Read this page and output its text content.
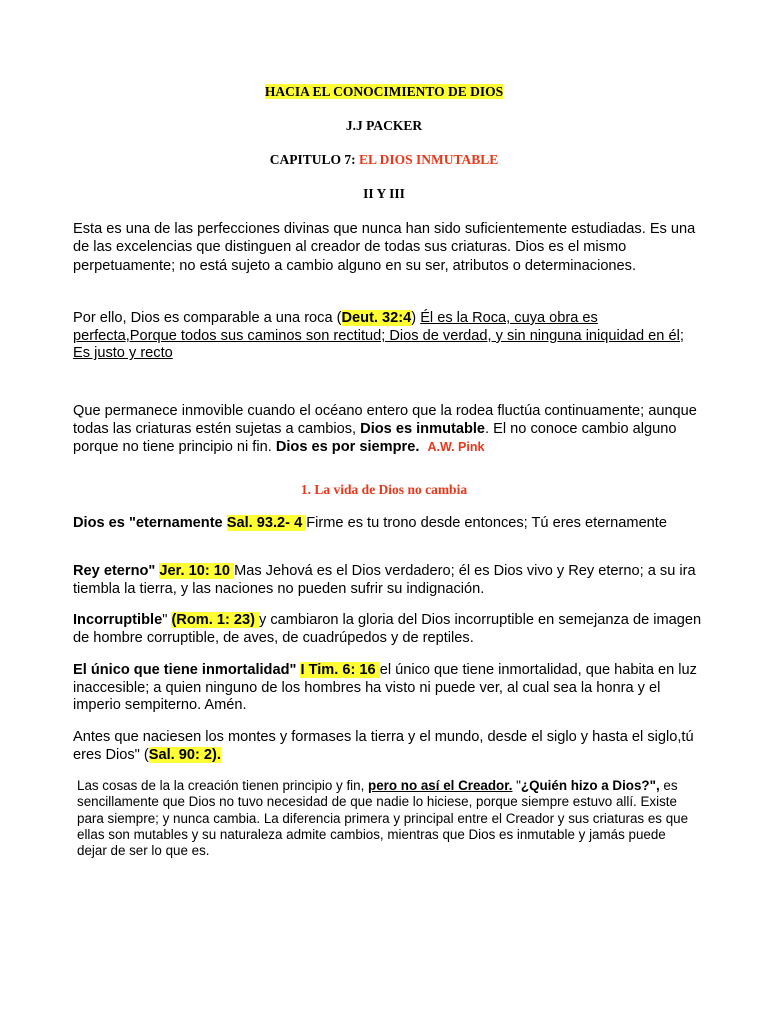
HACIA EL CONOCIMIENTO DE DIOS
J.J PACKER
CAPITULO 7: EL DIOS INMUTABLE
II Y III

Esta es una de las perfecciones divinas que nunca han sido suficientemente estudiadas. Es una de las excelencias que distinguen al creador de todas sus criaturas. Dios es el mismo perpetuamente; no está sujeto a cambio alguno en su ser, atributos o determinaciones.

Por ello, Dios es comparable a una roca (Deut. 32:4) Él es la Roca, cuya obra es perfecta,Porque todos sus caminos son rectitud; Dios de verdad, y sin ninguna iniquidad en él; Es justo y recto

Que permanece inmovible cuando el océano entero que la rodea fluctúa continuamente; aunque todas las criaturas estén sujetas a cambios, Dios es inmutable. El no conoce cambio alguno porque no tiene principio ni fin. Dios es por siempre. A.W. Pink

1. La vida de Dios no cambia

Dios es "eternamente Sal. 93.2- 4 Firme es tu trono desde entonces; Tú eres eternamente

Rey eterno" Jer. 10: 10 Mas Jehová es el Dios verdadero; él es Dios vivo y Rey eterno; a su ira tiembla la tierra, y las naciones no pueden sufrir su indignación.

Incorruptible" (Rom. 1: 23) y cambiaron la gloria del Dios incorruptible en semejanza de imagen de hombre corruptible, de aves, de cuadrúpedos y de reptiles.

El único que tiene inmortalidad" I Tim. 6: 16 el único que tiene inmortalidad, que habita en luz inaccesible; a quien ninguno de los hombres ha visto ni puede ver, al cual sea la honra y el imperio sempiterno. Amén.

Antes que naciesen los montes y formases la tierra y el mundo, desde el siglo y hasta el siglo,tú eres Dios" (Sal. 90: 2).

Las cosas de la la creación tienen principio y fin, pero no así el Creador. "¿Quién hizo a Dios?", es sencillamente que Dios no tuvo necesidad de que nadie lo hiciese, porque siempre estuvo allí. Existe para siempre; y nunca cambia. La diferencia primera y principal entre el Creador y sus criaturas es que ellas son mutables y su naturaleza admite cambios, mientras que Dios es inmutable y jamás puede dejar de ser lo que es.
